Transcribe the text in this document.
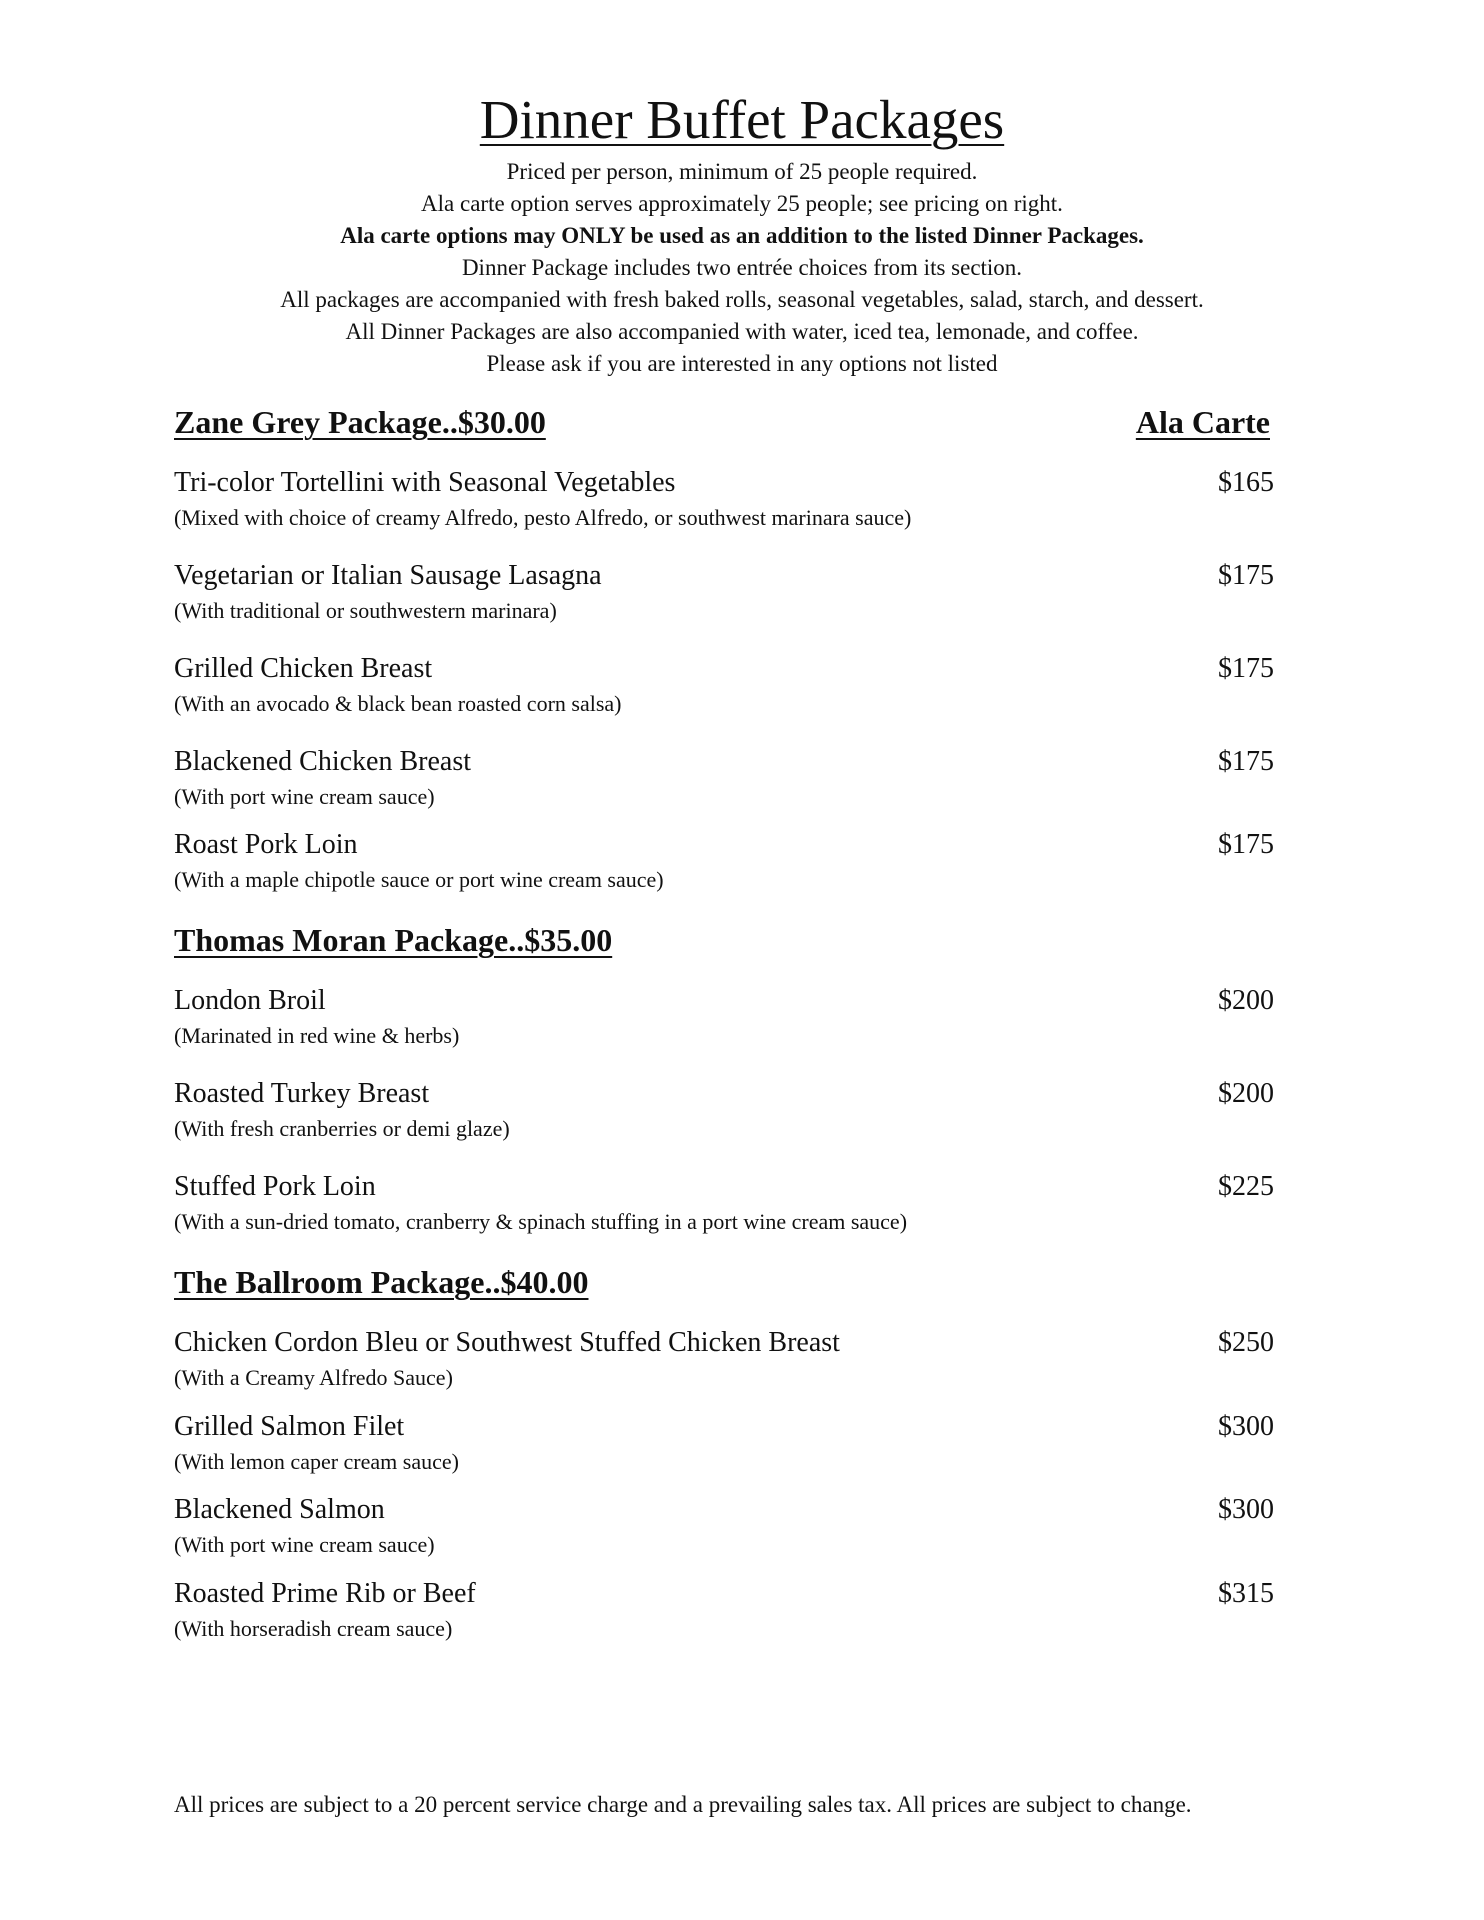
Dinner Buffet Packages
Priced per person, minimum of 25 people required.
Ala carte option serves approximately 25 people; see pricing on right.
Ala carte options may ONLY be used as an addition to the listed Dinner Packages.
Dinner Package includes two entrée choices from its section.
All packages are accompanied with fresh baked rolls, seasonal vegetables, salad, starch, and dessert.
All Dinner Packages are also accompanied with water, iced tea, lemonade, and coffee.
Please ask if you are interested in any options not listed
Zane Grey Package..$30.00	Ala Carte
Tri-color Tortellini with Seasonal Vegetables
(Mixed with choice of creamy Alfredo, pesto Alfredo, or southwest marinara sauce)
$165
Vegetarian or Italian Sausage Lasagna
(With traditional or southwestern marinara)
$175
Grilled Chicken Breast
(With an avocado & black bean roasted corn salsa)
$175
Blackened Chicken Breast
(With port wine cream sauce)
$175
Roast Pork Loin
(With a maple chipotle sauce or port wine cream sauce)
$175
Thomas Moran Package..$35.00
London Broil
(Marinated in red wine & herbs)
$200
Roasted Turkey Breast
(With fresh cranberries or demi glaze)
$200
Stuffed Pork Loin
(With a sun-dried tomato, cranberry & spinach stuffing in a port wine cream sauce)
$225
The Ballroom Package..$40.00
Chicken Cordon Bleu or Southwest Stuffed Chicken Breast
(With a Creamy Alfredo Sauce)
$250
Grilled Salmon Filet
(With lemon caper cream sauce)
$300
Blackened Salmon
(With port wine cream sauce)
$300
Roasted Prime Rib or Beef
(With horseradish cream sauce)
$315
All prices are subject to a 20 percent service charge and a prevailing sales tax. All prices are subject to change.
